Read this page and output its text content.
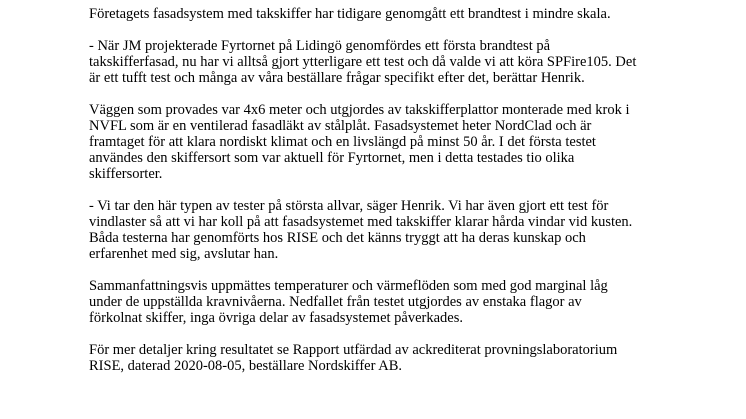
Företagets fasadsystem med takskiffer har tidigare genomgått ett brandtest i mindre skala.

- När JM projekterade Fyrtornet på Lidingö genomfördes ett första brandtest på
takskifferfasad, nu har vi alltså gjort ytterligare ett test och då valde vi att köra SPFire105. Det
är ett tufft test och många av våra beställare frågar specifikt efter det, berättar Henrik.

Väggen som provades var 4x6 meter och utgjordes av takskifferplattor monterade med krok i
NVFL som är en ventilerad fasadläkt av stålplåt. Fasadsystemet heter NordClad och är
framtaget för att klara nordiskt klimat och en livslängd på minst 50 år. I det första testet
användes den skiffersort som var aktuell för Fyrtornet, men i detta testades tio olika
skiffersorter.

- Vi tar den här typen av tester på största allvar, säger Henrik. Vi har även gjort ett test för
vindlaster så att vi har koll på att fasadsystemet med takskiffer klarar hårda vindar vid kusten.
Båda testerna har genomförts hos RISE och det känns tryggt att ha deras kunskap och
erfarenhet med sig, avslutar han.

Sammanfattningsvis uppmättes temperaturer och värmeflöden som med god marginal låg
under de uppställda kravnivåerna. Nedfallet från testet utgjordes av enstaka flagor av
förkolnat skiffer, inga övriga delar av fasadsystemet påverkades.

För mer detaljer kring resultatet se Rapport utfärdad av ackrediterat provningslaboratorium
RISE, daterad 2020-08-05, beställare Nordskiffer AB.
